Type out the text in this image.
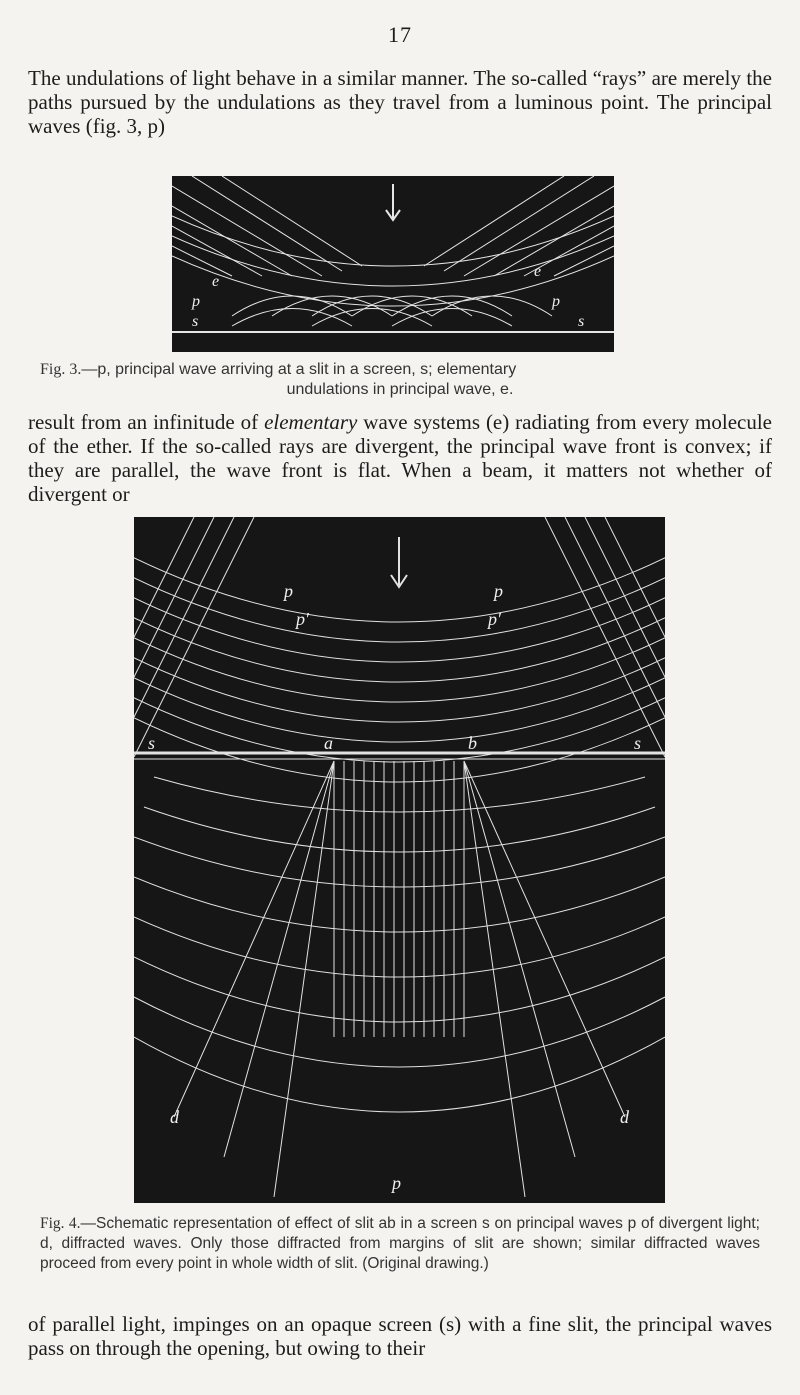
17

The undulations of light behave in a similar manner. The so-called “rays” are merely the paths pursued by the undulations as they travel from a luminous point. The principal waves (fig. 3, p)

e
p
s
e
p
s

Fig. 3.—p, principal wave arriving at a slit in a screen, s; elementary
undulations in principal wave, e.

result from an infinitude of elementary wave systems (e) radiating from every molecule of the ether. If the so-called rays are divergent, the principal wave front is convex; if they are parallel, the wave front is flat. When a beam, it matters not whether of divergent or

p	p
p′	p′
s	s
a	b
d	d
p

Fig. 4.—Schematic representation of effect of slit ab in a screen s on principal waves p of divergent light; d, diffracted waves. Only those diffracted from margins of slit are shown; similar diffracted waves proceed from every point in whole width of slit. (Original drawing.)

of parallel light, impinges on an opaque screen (s) with a fine slit, the principal waves pass on through the opening, but owing to their
